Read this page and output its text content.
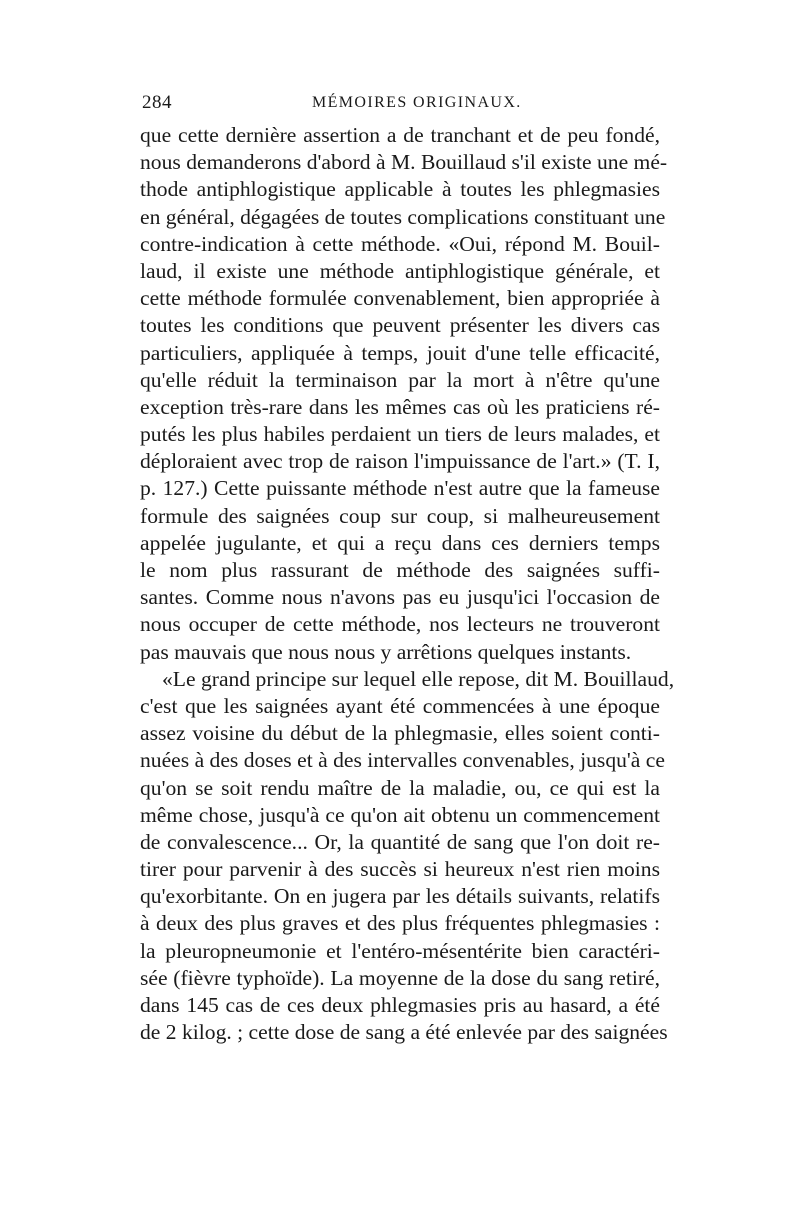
284	MÉMOIRES ORIGINAUX.
que cette dernière assertion a de tranchant et de peu fondé,
nous demanderons d'abord à M. Bouillaud s'il existe une mé-
thode antiphlogistique applicable à toutes les phlegmasies
en général, dégagées de toutes complications constituant une
contre-indication à cette méthode. «Oui, répond M. Bouil-
laud, il existe une méthode antiphlogistique générale, et
cette méthode formulée convenablement, bien appropriée à
toutes les conditions que peuvent présenter les divers cas
particuliers, appliquée à temps, jouit d'une telle efficacité,
qu'elle réduit la terminaison par la mort à n'être qu'une
exception très-rare dans les mêmes cas où les praticiens ré-
putés les plus habiles perdaient un tiers de leurs malades, et
déploraient avec trop de raison l'impuissance de l'art.» (T. I,
p. 127.) Cette puissante méthode n'est autre que la fameuse
formule des saignées coup sur coup, si malheureusement
appelée jugulante, et qui a reçu dans ces derniers temps
le nom plus rassurant de méthode des saignées suffi-
santes. Comme nous n'avons pas eu jusqu'ici l'occasion de
nous occuper de cette méthode, nos lecteurs ne trouveront
pas mauvais que nous nous y arrêtions quelques instants.
«Le grand principe sur lequel elle repose, dit M. Bouillaud,
c'est que les saignées ayant été commencées à une époque
assez voisine du début de la phlegmasie, elles soient conti-
nuées à des doses et à des intervalles convenables, jusqu'à ce
qu'on se soit rendu maître de la maladie, ou, ce qui est la
même chose, jusqu'à ce qu'on ait obtenu un commencement
de convalescence... Or, la quantité de sang que l'on doit re-
tirer pour parvenir à des succès si heureux n'est rien moins
qu'exorbitante. On en jugera par les détails suivants, relatifs
à deux des plus graves et des plus fréquentes phlegmasies :
la pleuropneumonie et l'entéro-mésentérite bien caractéri-
sée (fièvre typhoïde). La moyenne de la dose du sang retiré,
dans 145 cas de ces deux phlegmasies pris au hasard, a été
de 2 kilog. ; cette dose de sang a été enlevée par des saignées
